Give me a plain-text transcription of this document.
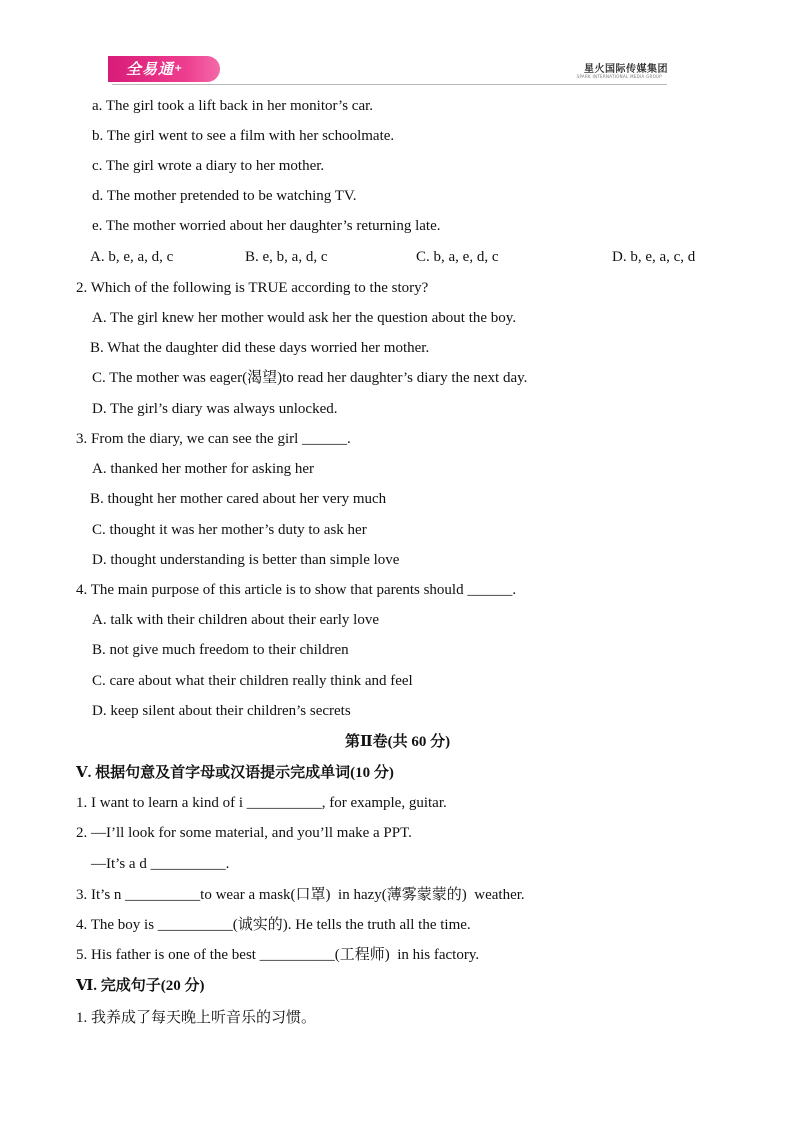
全易通+	星火国际传媒集团
SPARK INTERNATIONAL MEDIA GROUP
a. The girl took a lift back in her monitor’s car.
b. The girl went to see a film with her schoolmate.
c. The girl wrote a diary to her mother.
d. The mother pretended to be watching TV.
e. The mother worried about her daughter’s returning late.
A. b, e, a, d, c	B. e, b, a, d, c	C. b, a, e, d, c	D. b, e, a, c, d
2. Which of the following is TRUE according to the story?
A. The girl knew her mother would ask her the question about the boy.
B. What the daughter did these days worried her mother.
C. The mother was eager(渴望)to read her daughter’s diary the next day.
D. The girl’s diary was always unlocked.
3. From the diary, we can see the girl ______.
A. thanked her mother for asking her
B. thought her mother cared about her very much
C. thought it was her mother’s duty to ask her
D. thought understanding is better than simple love
4. The main purpose of this article is to show that parents should ______.
A. talk with their children about their early love
B. not give much freedom to their children
C. care about what their children really think and feel
D. keep silent about their children’s secrets
第Ⅱ卷(共 60 分)
Ⅴ. 根据句意及首字母或汉语提示完成单词(10 分)
1. I want to learn a kind of i __________, for example, guitar.
2. —I’ll look for some material, and you’ll make a PPT.
—It’s a d __________.
3. It’s n __________to wear a mask(口罩)  in hazy(薄雾蒙蒙的)  weather.
4. The boy is __________(诚实的). He tells the truth all the time.
5. His father is one of the best __________(工程师)  in his factory.
Ⅵ. 完成句子(20 分)
1. 我养成了每天晚上听音乐的习惯。
